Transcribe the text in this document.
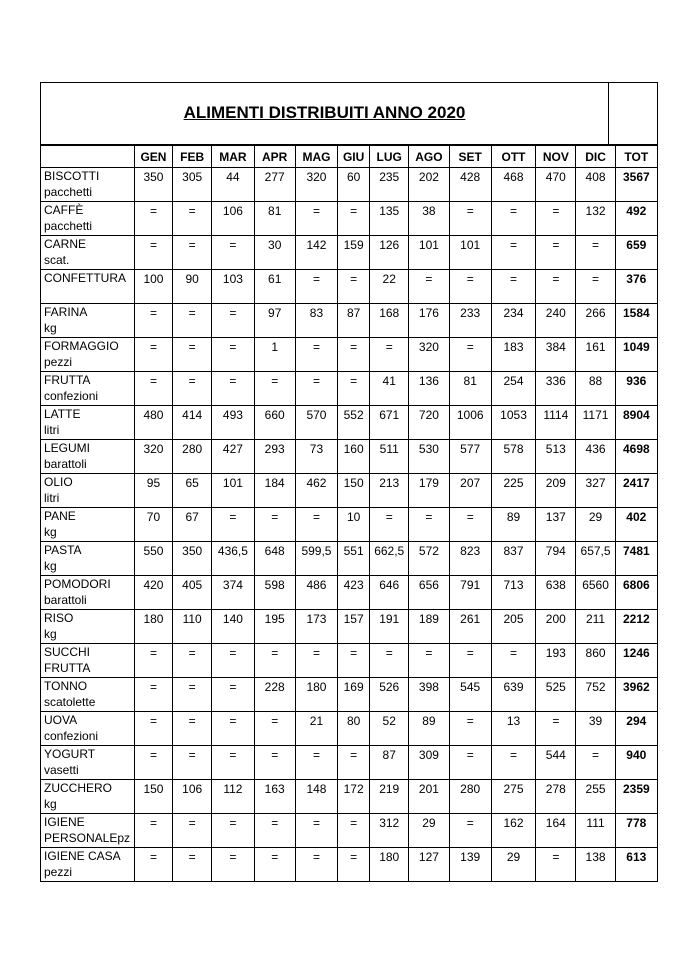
ALIMENTI DISTRIBUITI ANNO 2020
	GEN	FEB	MAR	APR	MAG	GIU	LUG	AGO	SET	OTT	NOV	DIC	TOT

BISCOTTI
pacchetti	350	305	44	277	320	60	235	202	428	468	470	408	3567

CAFFÈ
pacchetti	=	=	106	81	=	=	135	38	=	=	=	132	492

CARNE
scat.	=	=	=	30	142	159	126	101	101	=	=	=	659

CONFETTURA	100	90	103	61	=	=	22	=	=	=	=	=	376

FARINA
kg	=	=	=	97	83	87	168	176	233	234	240	266	1584

FORMAGGIO
pezzi	=	=	=	1	=	=	=	320	=	183	384	161	1049

FRUTTA
confezioni	=	=	=	=	=	=	41	136	81	254	336	88	936

LATTE
litri	480	414	493	660	570	552	671	720	1006	1053	1114	1171	8904

LEGUMI
barattoli	320	280	427	293	73	160	511	530	577	578	513	436	4698

OLIO
litri	95	65	101	184	462	150	213	179	207	225	209	327	2417

PANE
kg	70	67	=	=	=	10	=	=	=	89	137	29	402

PASTA
kg	550	350	436,5	648	599,5	551	662,5	572	823	837	794	657,5	7481

POMODORI
barattoli	420	405	374	598	486	423	646	656	791	713	638	6560	6806

RISO
kg	180	110	140	195	173	157	191	189	261	205	200	211	2212

SUCCHI
FRUTTA	=	=	=	=	=	=	=	=	=	=	193	860	1246

TONNO
scatolette	=	=	=	228	180	169	526	398	545	639	525	752	3962

UOVA
confezioni	=	=	=	=	21	80	52	89	=	13	=	39	294

YOGURT
vasetti	=	=	=	=	=	=	87	309	=	=	544	=	940

ZUCCHERO
kg	150	106	112	163	148	172	219	201	280	275	278	255	2359

IGIENE
PERSONALEpz	=	=	=	=	=	=	312	29	=	162	164	111	778

IGIENE CASA
pezzi	=	=	=	=	=	=	180	127	139	29	=	138	613
